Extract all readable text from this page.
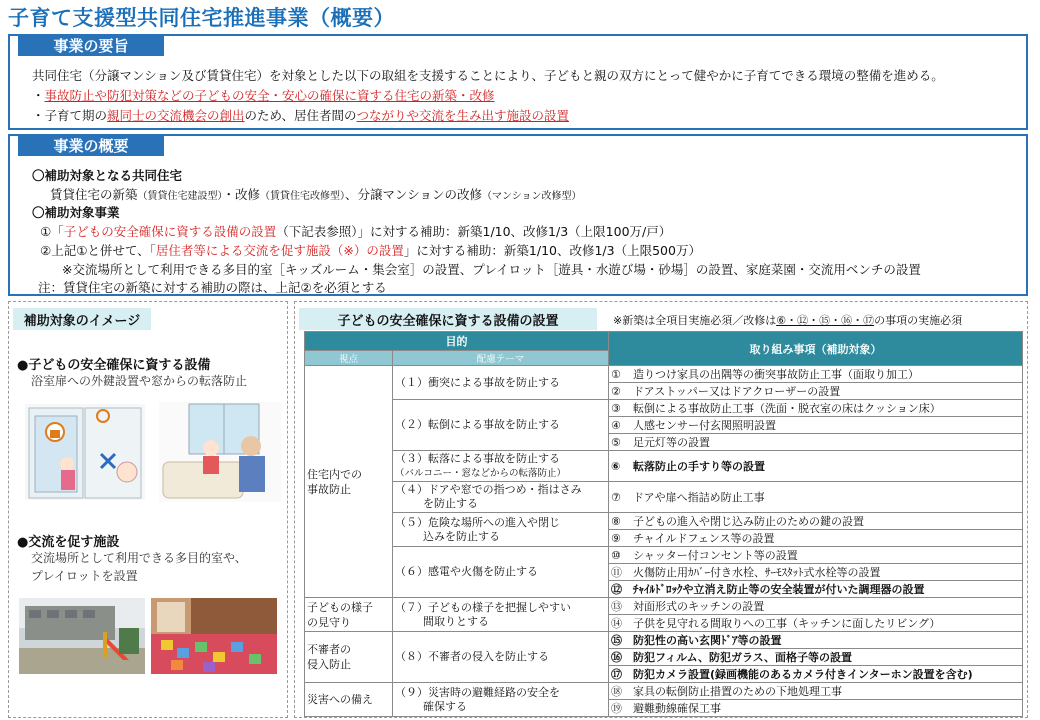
子育て支援型共同住宅推進事業（概要）
事業の要旨
共同住宅（分譲マンション及び賃貸住宅）を対象とした以下の取組を支援することにより、子どもと親の双方にとって健やかに子育てできる環境の整備を進める。
・事故防止や防犯対策などの子どもの安全・安心の確保に資する住宅の新築・改修
・子育て期の親同士の交流機会の創出のため、居住者間のつながりや交流を生み出す施設の設置
事業の概要
〇補助対象となる共同住宅
賃貸住宅の新築（賃貸住宅建設型）・改修（賃貸住宅改修型）、分譲マンションの改修（マンション改修型）
〇補助対象事業
①「子どもの安全確保に資する設備の設置（下記表参照）」に対する補助：新築1/10、改修1/3（上限100万/戸）
②上記①と併せて、「居住者等による交流を促す施設（※）の設置」に対する補助：新築1/10、改修1/3（上限500万）
※交流場所として利用できる多目的室［キッズルーム・集会室］の設置、プレイロット［遊具・水遊び場・砂場］の設置、家庭菜園・交流用ベンチの設置
注：賃貸住宅の新築に対する補助の際は、上記②を必須とする
補助対象のイメージ
●子どもの安全確保に資する設備
浴室扉への外鍵設置や窓からの転落防止
●交流を促す施設
交流場所として利用できる多目的室や、
プレイロットを設置
子どもの安全確保に資する設備の設置	※新築は全項目実施必須／改修は⑥・⑫・⑮・⑯・⑰の事項の実施必須
目的		取り組み事項（補助対象）
視点	配慮テーマ	
住宅内での
事故防止	（１）衝突による事故を防止する	① 造りつけ家具の出隅等の衝突事故防止工事（面取り加工）
		② ドアストッパー又はドアクローザーの設置
	（２）転倒による事故を防止する	③ 転倒による事故防止工事（洗面・脱衣室の床はクッション床）
		④ 人感センサー付玄関照明設置
		⑤ 足元灯等の設置
	（３）転落による事故を防止する
（バルコニー・窓などからの転落防止）	⑥ 転落防止の手すり等の設置
	（４）ドアや窓での指つめ・指はさみ
を防止する	⑦ ドアや扉へ指詰め防止工事
	（５）危険な場所への進入や閉じ
込みを防止する	⑧ 子どもの進入や閉じ込み防止のための鍵の設置
		⑨ チャイルドフェンス等の設置
	（６）感電や火傷を防止する	⑩ シャッター付コンセント等の設置
		⑪ 火傷防止用ｶﾊﾞｰ付き水栓、ｻｰﾓｽﾀｯﾄ式水栓等の設置
		⑫ ﾁｬｲﾙﾄﾞﾛｯｸや立消え防止等の安全装置が付いた調理器の設置
子どもの様子
の見守り	（７）子どもの様子を把握しやすい
間取りとする	⑬ 対面形式のキッチンの設置
		⑭ 子供を見守れる間取りへの工事（キッチンに面したリビング）
不審者の
侵入防止	（８）不審者の侵入を防止する	⑮ 防犯性の高い玄関ﾄﾞｱ等の設置
		⑯ 防犯フィルム、防犯ガラス、面格子等の設置
		⑰ 防犯カメラ設置(録画機能のあるカメラ付きインターホン設置を含む)
災害への備え	（９）災害時の避難経路の安全を
確保する	⑱ 家具の転倒防止措置のための下地処理工事
		⑲ 避難動線確保工事
